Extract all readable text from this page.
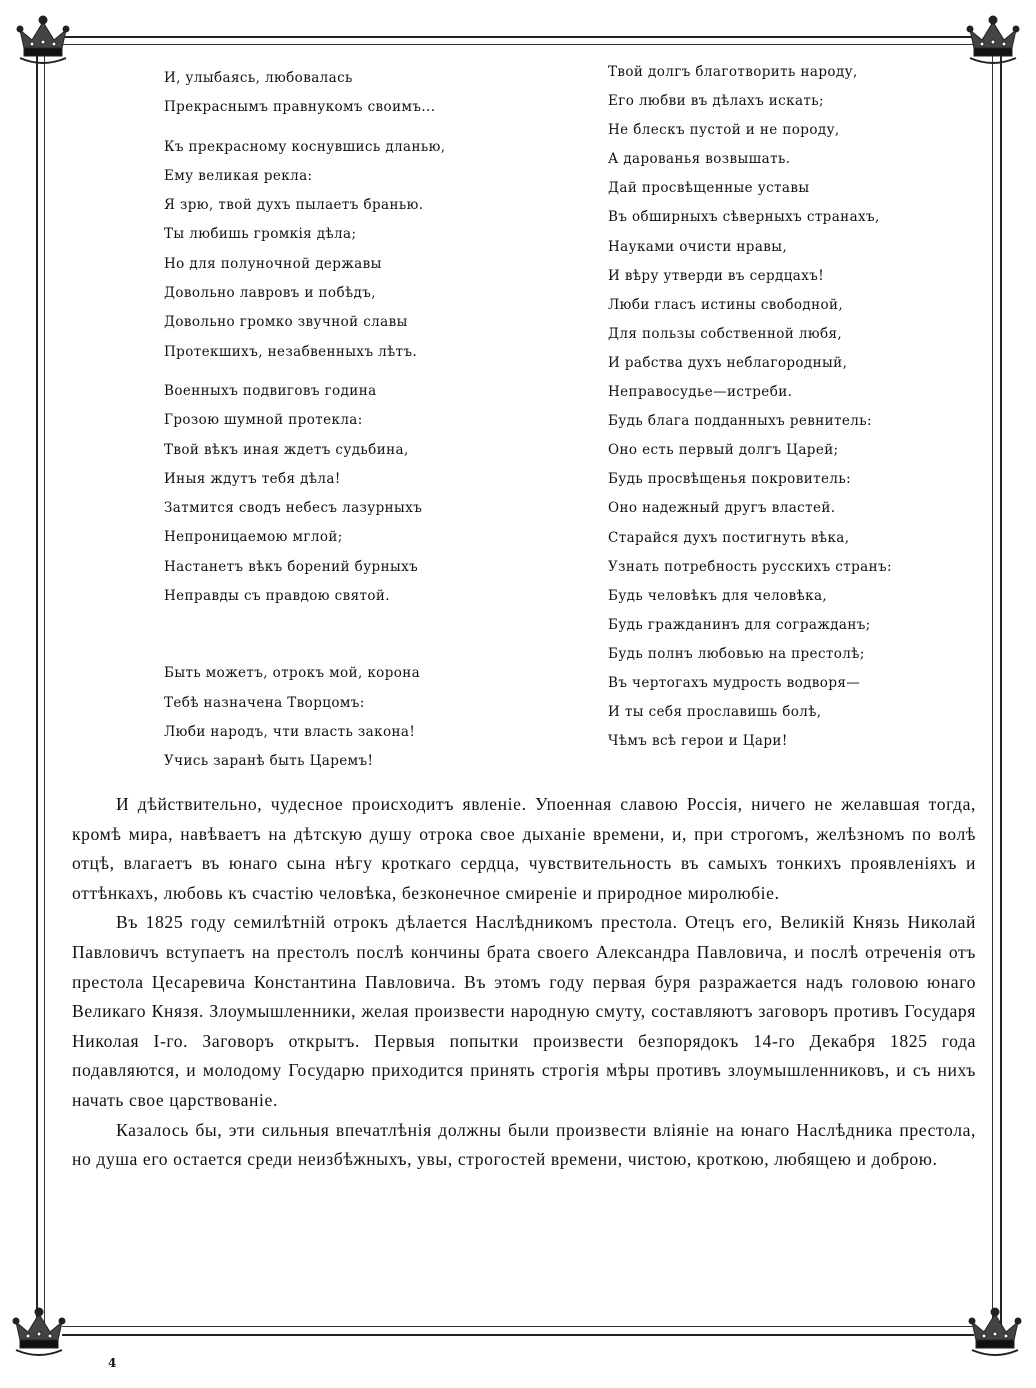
И, улыбаясь, любовалась
Прекраснымъ правнукомъ своимъ...
Къ прекрасному коснувшись дланью,
Ему великая рекла:
Я зрю, твой духъ пылаетъ бранью.
Ты любишь громкія дѣла;
Но для полуночной державы
Довольно лавровъ и побѣдъ,
Довольно громко звучной славы
Протекшихъ, незабвенныхъ лѣтъ.
Военныхъ подвиговъ година
Грозою шумной протекла:
Твой вѣкъ иная ждетъ судьбина,
Иныя ждутъ тебя дѣла!
Затмится сводъ небесъ лазурныхъ
Непроницаемою мглой;
Настанетъ вѣкъ борений бурныхъ
Неправды съ правдою святой.
Быть можетъ, отрокъ мой, корона
Тебѣ назначена Творцомъ:
Люби народъ, чти власть закона!
Учись заранѣ быть Царемъ!
Твой долгъ благотворить народу,
Его любви въ дѣлахъ искать;
Не блескъ пустой и не породу,
А дарованья возвышать.
Дай просвѣщенные уставы
Въ обширныхъ сѣверныхъ странахъ,
Науками очисти нравы,
И вѣру утверди въ сердцахъ!
Люби гласъ истины свободной,
Для пользы собственной любя,
И рабства духъ неблагородный,
Неправосудье—истреби.
Будь блага подданныхъ ревнитель:
Оно есть первый долгъ Царей;
Будь просвѣщенья покровитель:
Оно надежный другъ властей.
Старайся духъ постигнуть вѣка,
Узнать потребность русскихъ странъ:
Будь человѣкъ для человѣка,
Будь гражданинъ для согражданъ;
Будь полнъ любовью на престолѣ;
Въ чертогахъ мудрость водворя—
И ты себя прославишь болѣ,
Чѣмъ всѣ герои и Цари!

И дѣйствительно, чудесное происходитъ явленіе. Упоенная славою Россія, ничего не желавшая тогда, кромѣ мира, навѣваетъ на дѣтскую душу отрока свое дыханіе времени, и, при строгомъ, желѣзномъ по волѣ отцѣ, влагаетъ въ юнаго сына нѣгу кроткаго сердца, чувствительность въ самыхъ тонкихъ проявленіяхъ и оттѣнкахъ, любовь къ счастію человѣка, безконечное смиреніе и природное миролюбіе.

Въ 1825 году семилѣтній отрокъ дѣлается Наслѣдникомъ престола. Отецъ его, Великій Князь Николай Павловичъ вступаетъ на престолъ послѣ кончины брата своего Александра Павловича, и послѣ отреченія отъ престола Цесаревича Константина Павловича. Въ этомъ году первая буря разражается надъ головою юнаго Великаго Князя. Злоумышленники, желая произвести народную смуту, составляютъ заговоръ противъ Государя Николая I-го. Заговоръ открытъ. Первыя попытки произвести безпорядокъ 14-го Декабря 1825 года подавляются, и молодому Государю приходится принять строгія мѣры противъ злоумышленниковъ, и съ нихъ начать свое царствованіе.

Казалось бы, эти сильныя впечатлѣнія должны были произвести вліяніе на юнаго Наслѣдника престола, но душа его остается среди неизбѣжныхъ, увы, строгостей времени, чистою, кроткою, любящею и доброю.

4
